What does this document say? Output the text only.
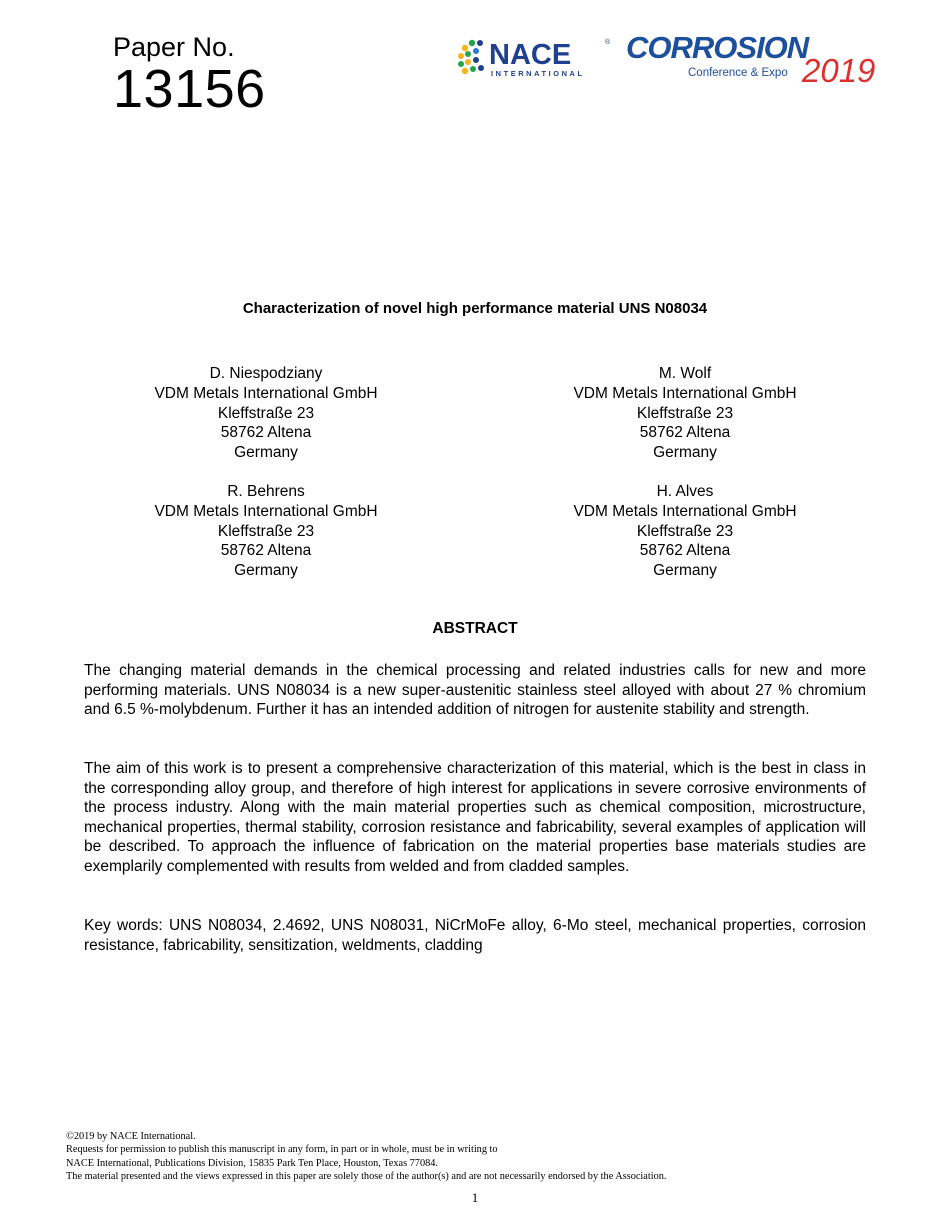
Paper No.
13156
NACE	®
INTERNATIONAL
CORROSION
Conference & Expo 2019
Characterization of novel high performance material UNS N08034
D. Niespodziany
VDM Metals International GmbH
Kleffstraße 23
58762 Altena
Germany
M. Wolf
VDM Metals International GmbH
Kleffstraße 23
58762 Altena
Germany
R. Behrens
VDM Metals International GmbH
Kleffstraße 23
58762 Altena
Germany
H. Alves
VDM Metals International GmbH
Kleffstraße 23
58762 Altena
Germany
ABSTRACT
The changing material demands in the chemical processing and related industries calls for new and more performing materials. UNS N08034 is a new super-austenitic stainless steel alloyed with about 27 % chromium and 6.5 %-molybdenum. Further it has an intended addition of nitrogen for austenite stability and strength.
The aim of this work is to present a comprehensive characterization of this material, which is the best in class in the corresponding alloy group, and therefore of high interest for applications in severe corrosive environments of the process industry. Along with the main material properties such as chemical composition, microstructure, mechanical properties, thermal stability, corrosion resistance and fabricability, several examples of application will be described. To approach the influence of fabrication on the material properties base materials studies are exemplarily complemented with results from welded and from cladded samples.
Key words: UNS N08034, 2.4692, UNS N08031, NiCrMoFe alloy, 6-Mo steel, mechanical properties, corrosion resistance, fabricability, sensitization, weldments, cladding
©2019 by NACE International.
Requests for permission to publish this manuscript in any form, in part or in whole, must be in writing to
NACE International, Publications Division, 15835 Park Ten Place, Houston, Texas 77084.
The material presented and the views expressed in this paper are solely those of the author(s) and are not necessarily endorsed by the Association.
1
